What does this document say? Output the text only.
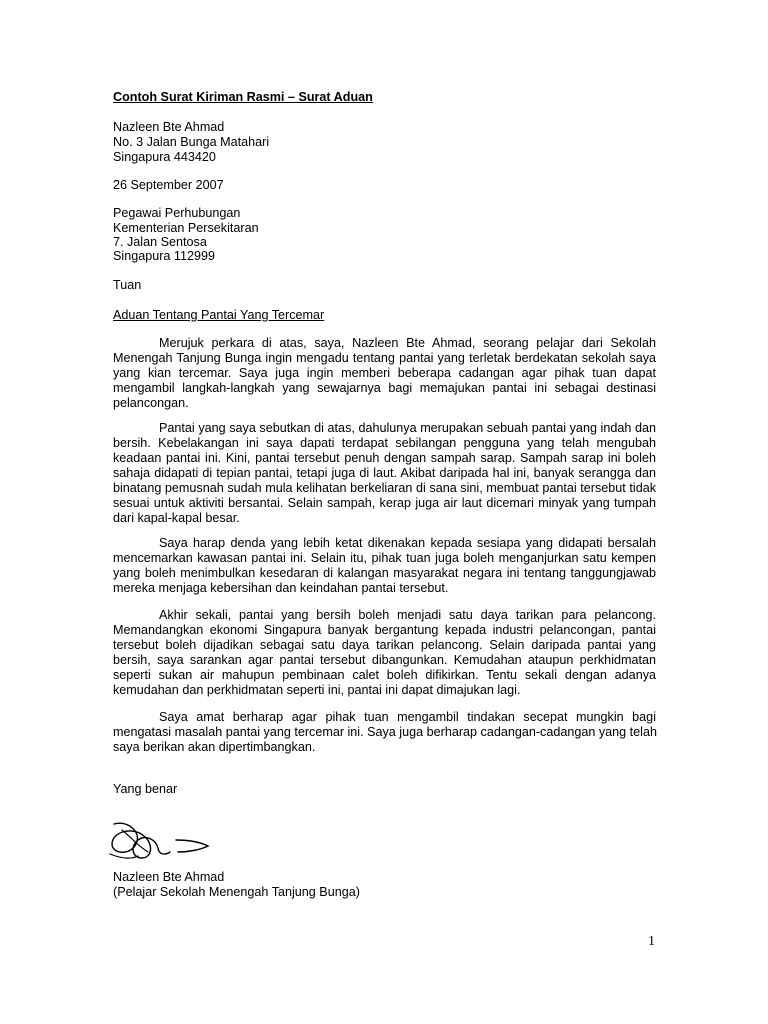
Contoh Surat Kiriman Rasmi – Surat Aduan
Nazleen Bte Ahmad
No. 3 Jalan Bunga Matahari
Singapura 443420
26 September 2007
Pegawai Perhubungan
Kementerian Persekitaran
7. Jalan Sentosa
Singapura 112999
Tuan
Aduan Tentang Pantai Yang Tercemar
Merujuk perkara di atas, saya, Nazleen Bte Ahmad, seorang pelajar dari Sekolah
Menengah Tanjung Bunga ingin mengadu tentang pantai yang terletak berdekatan sekolah saya
yang kian tercemar. Saya juga ingin memberi beberapa cadangan agar pihak tuan dapat
mengambil langkah-langkah yang sewajarnya bagi memajukan pantai ini sebagai destinasi
pelancongan.
Pantai yang saya sebutkan di atas, dahulunya merupakan sebuah pantai yang indah dan
bersih. Kebelakangan ini saya dapati terdapat sebilangan pengguna yang telah mengubah
keadaan pantai ini. Kini, pantai tersebut penuh dengan sampah sarap. Sampah sarap ini boleh
sahaja didapati di tepian pantai, tetapi juga di laut. Akibat daripada hal ini, banyak serangga dan
binatang pemusnah sudah mula kelihatan berkeliaran di sana sini, membuat pantai tersebut tidak
sesuai untuk aktiviti bersantai. Selain sampah, kerap juga air laut dicemari minyak yang tumpah
dari kapal-kapal besar.
Saya harap denda yang lebih ketat dikenakan kepada sesiapa yang didapati bersalah
mencemarkan kawasan pantai ini. Selain itu, pihak tuan juga boleh menganjurkan satu kempen
yang boleh menimbulkan kesedaran di kalangan masyarakat negara ini tentang tanggungjawab
mereka menjaga kebersihan dan keindahan pantai tersebut.
Akhir sekali, pantai yang bersih boleh menjadi satu daya tarikan para pelancong.
Memandangkan ekonomi Singapura banyak bergantung kepada industri pelancongan, pantai
tersebut boleh dijadikan sebagai satu daya tarikan pelancong. Selain daripada pantai yang
bersih, saya sarankan agar pantai tersebut dibangunkan. Kemudahan ataupun perkhidmatan
seperti sukan air mahupun pembinaan calet boleh difikirkan. Tentu sekali dengan adanya
kemudahan dan perkhidmatan seperti ini, pantai ini dapat dimajukan lagi.
Saya amat berharap agar pihak tuan mengambil tindakan secepat mungkin bagi
mengatasi masalah pantai yang tercemar ini. Saya juga berharap cadangan-cadangan yang telah
saya berikan akan dipertimbangkan.
Yang benar
Nazleen Bte Ahmad
(Pelajar Sekolah Menengah Tanjung Bunga)
1
